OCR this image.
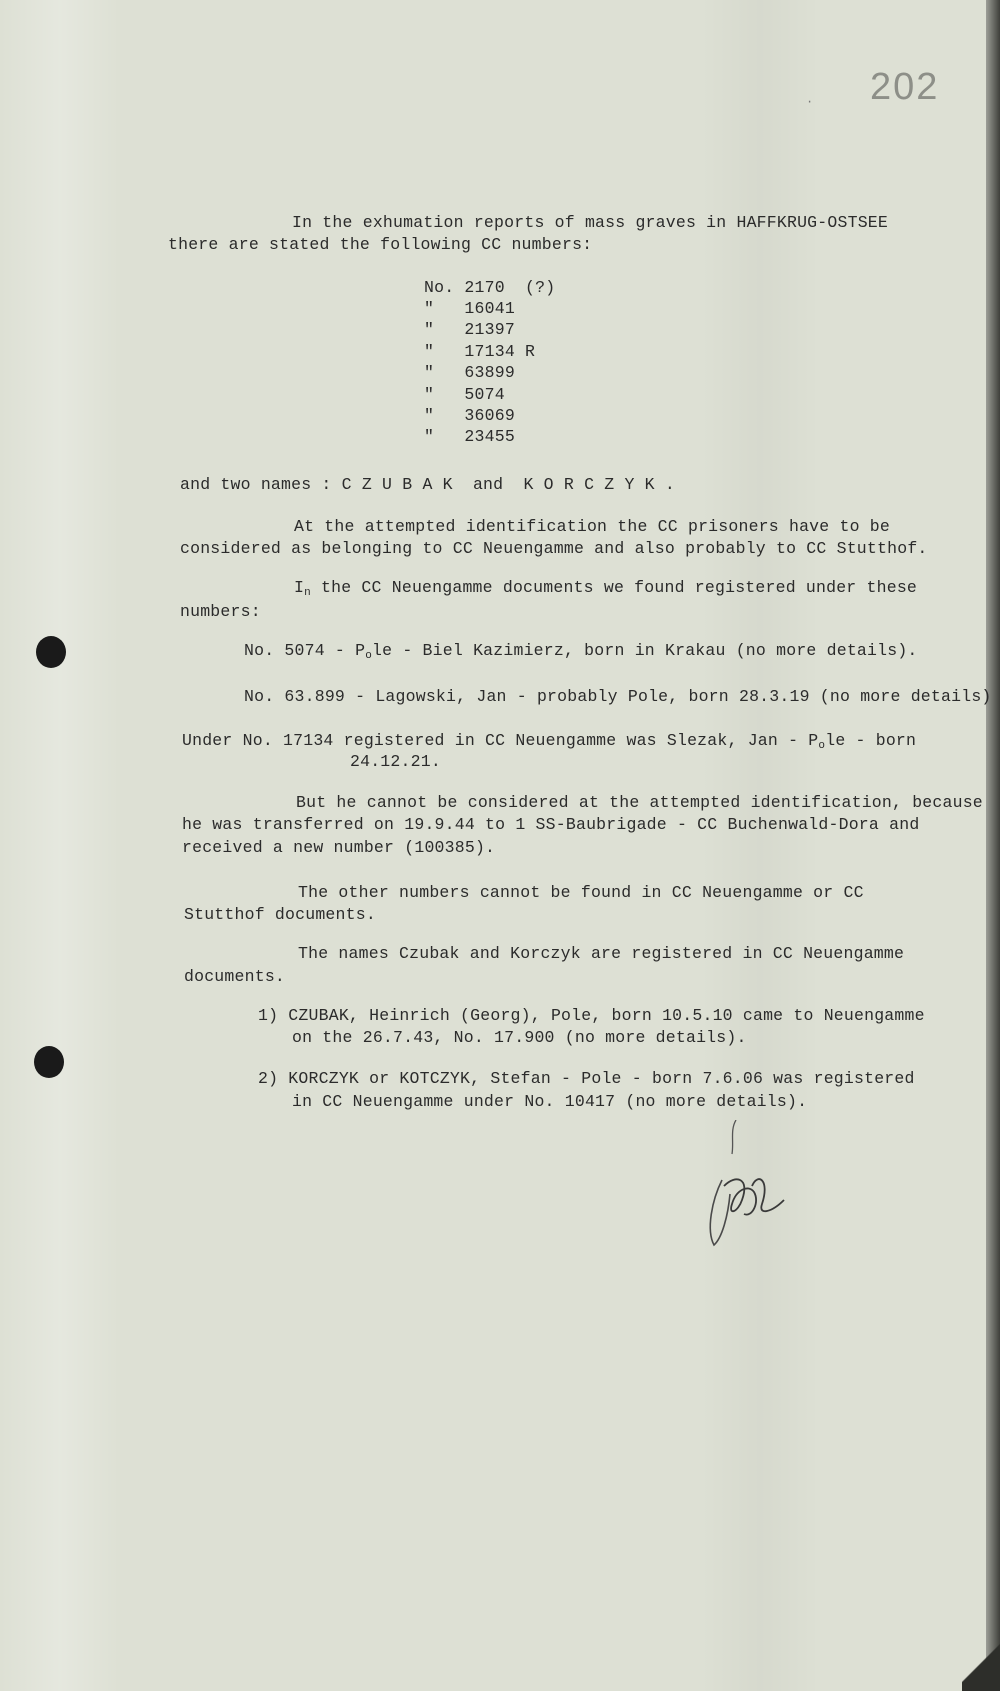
· 202
In the exhumation reports of mass graves in HAFFKRUG-OSTSEE
there are stated the following CC numbers:
No. 2170  (?)
" 16041
" 21397
" 17134 R
" 63899
" 5074
" 36069
" 23455
and two names : C Z U B A K  and  K O R C Z Y K .
At the attempted identification the CC prisoners have to be
considered as belonging to CC Neuengamme and also probably to CC Stutthof.
$I_n$ the CC Neuengamme documents we found registered under these
numbers:
No. $5074 - P_ole$ - Biel Kazimierz, born in Krakau (no more details).
No. 63.899 - Lagowski, Jan - probably Pole, born 28.3.19 (no more details)
Under No. 17134 registered in CC Neuengamme was Slezak, Jan - $P_ole$ - born
24.12.21.
But he cannot be considered at the attempted identification, because
he was transferred on 19.9.44 to 1 SS-Baubrigade - CC Buchenwald-Dora and
received a new number (100385).
The other numbers cannot be found in CC Neuengamme or CC
Stutthof documents.
The names Czubak and Korczyk are registered in CC Neuengamme
documents.
1) CZUBAK, Heinrich (Georg), Pole, born 10.5.10 came to Neuengamme
on the 26.7.43, No. 17.900 (no more details).
2) KORCZYK or KOTCZYK, Stefan - Pole - born 7.6.06 was registered
in CC Neuengamme under No. 10417 (no more details).
